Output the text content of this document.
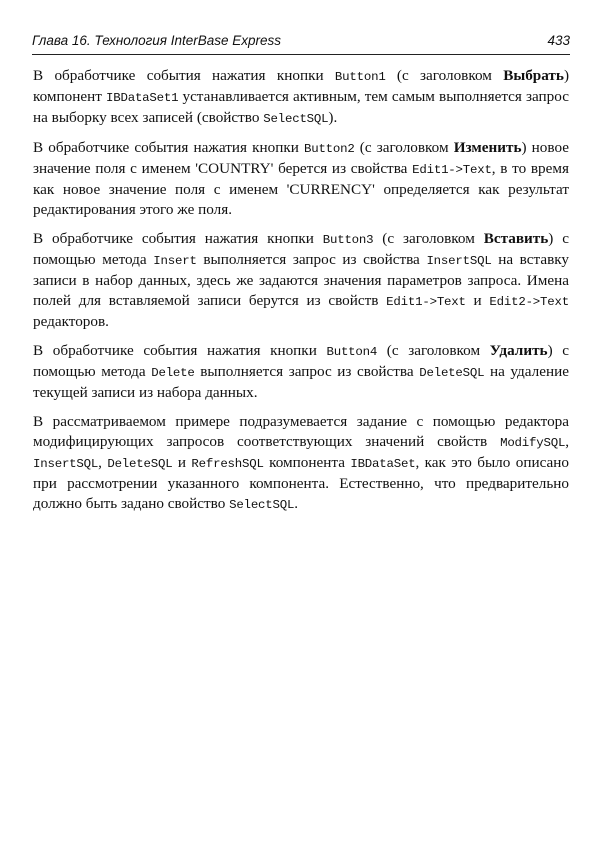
Глава 16. Технология InterBase Express	433

В обработчике события нажатия кнопки Button1 (с заголовком Выбрать) компонент IBDataSet1 устанавливается активным, тем самым выполняется запрос на выборку всех записей (свойство SelectSQL).

В обработчике события нажатия кнопки Button2 (с заголовком Изменить) новое значение поля с именем 'COUNTRY' берется из свойства Edit1->Text, в то время как новое значение поля с именем 'CURRENCY' определяется как результат редактирования этого же поля.

В обработчике события нажатия кнопки Button3 (с заголовком Вставить) с помощью метода Insert выполняется запрос из свойства InsertSQL на вставку записи в набор данных, здесь же задаются значения параметров запроса. Имена полей для вставляемой записи берутся из свойств Edit1->Text и Edit2->Text редакторов.

В обработчике события нажатия кнопки Button4 (с заголовком Удалить) с помощью метода Delete выполняется запрос из свойства DeleteSQL на удаление текущей записи из набора данных.

В рассматриваемом примере подразумевается задание с помощью редактора модифицирующих запросов соответствующих значений свойств ModifySQL, InsertSQL, DeleteSQL и RefreshSQL компонента IBDataSet, как это было описано при рассмотрении указанного компонента. Естественно, что предварительно должно быть задано свойство SelectSQL.
